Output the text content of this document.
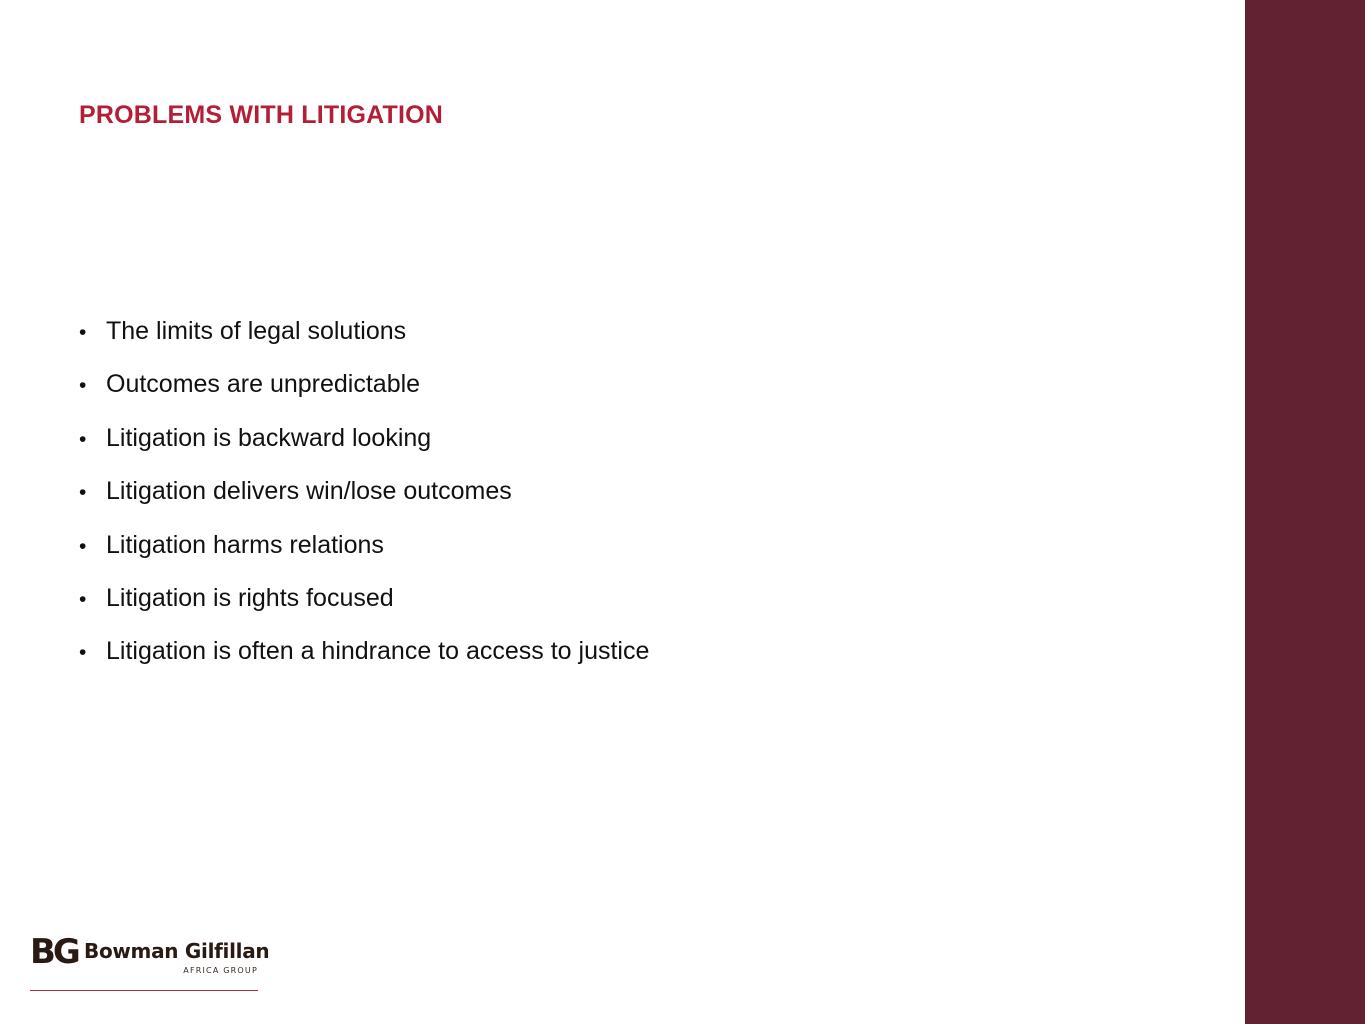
PROBLEMS WITH LITIGATION
• The limits of legal solutions
• Outcomes are unpredictable
• Litigation is backward looking
• Litigation delivers win/lose outcomes
• Litigation harms relations
• Litigation is rights focused
• Litigation is often a hindrance to access to justice
BG Bowman Gilfillan
AFRICA GROUP
